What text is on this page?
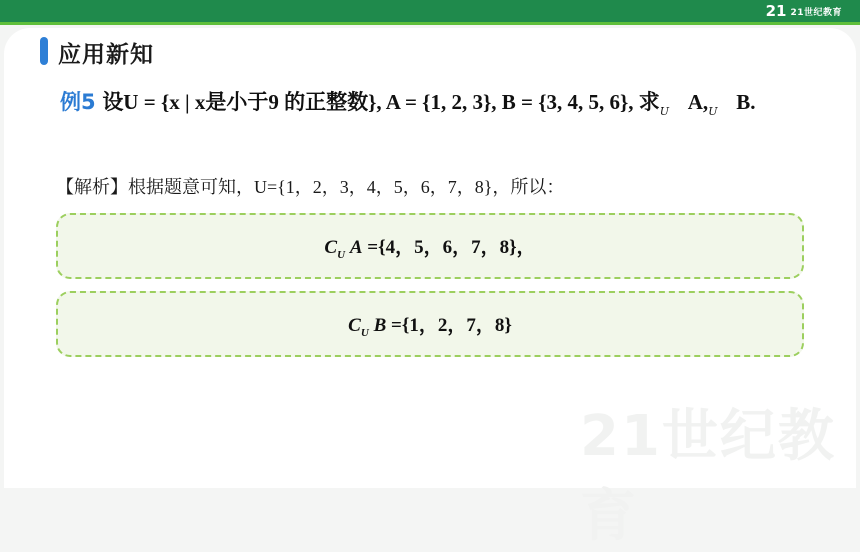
21 21世纪教育
应用新知
例5 设U = {x | x是小于9 的正整数}, A = {1, 2, 3}, B = {3, 4, 5, 6}, 求$_U$ $A,_U$ B.
【解析】根据题意可知，U={1，2，3，4，5，6，7，8}，所以：
$C_U$ A ={4，5，6，7，8}，
$C_U$ B ={1，2，7，8}
21世纪教育
